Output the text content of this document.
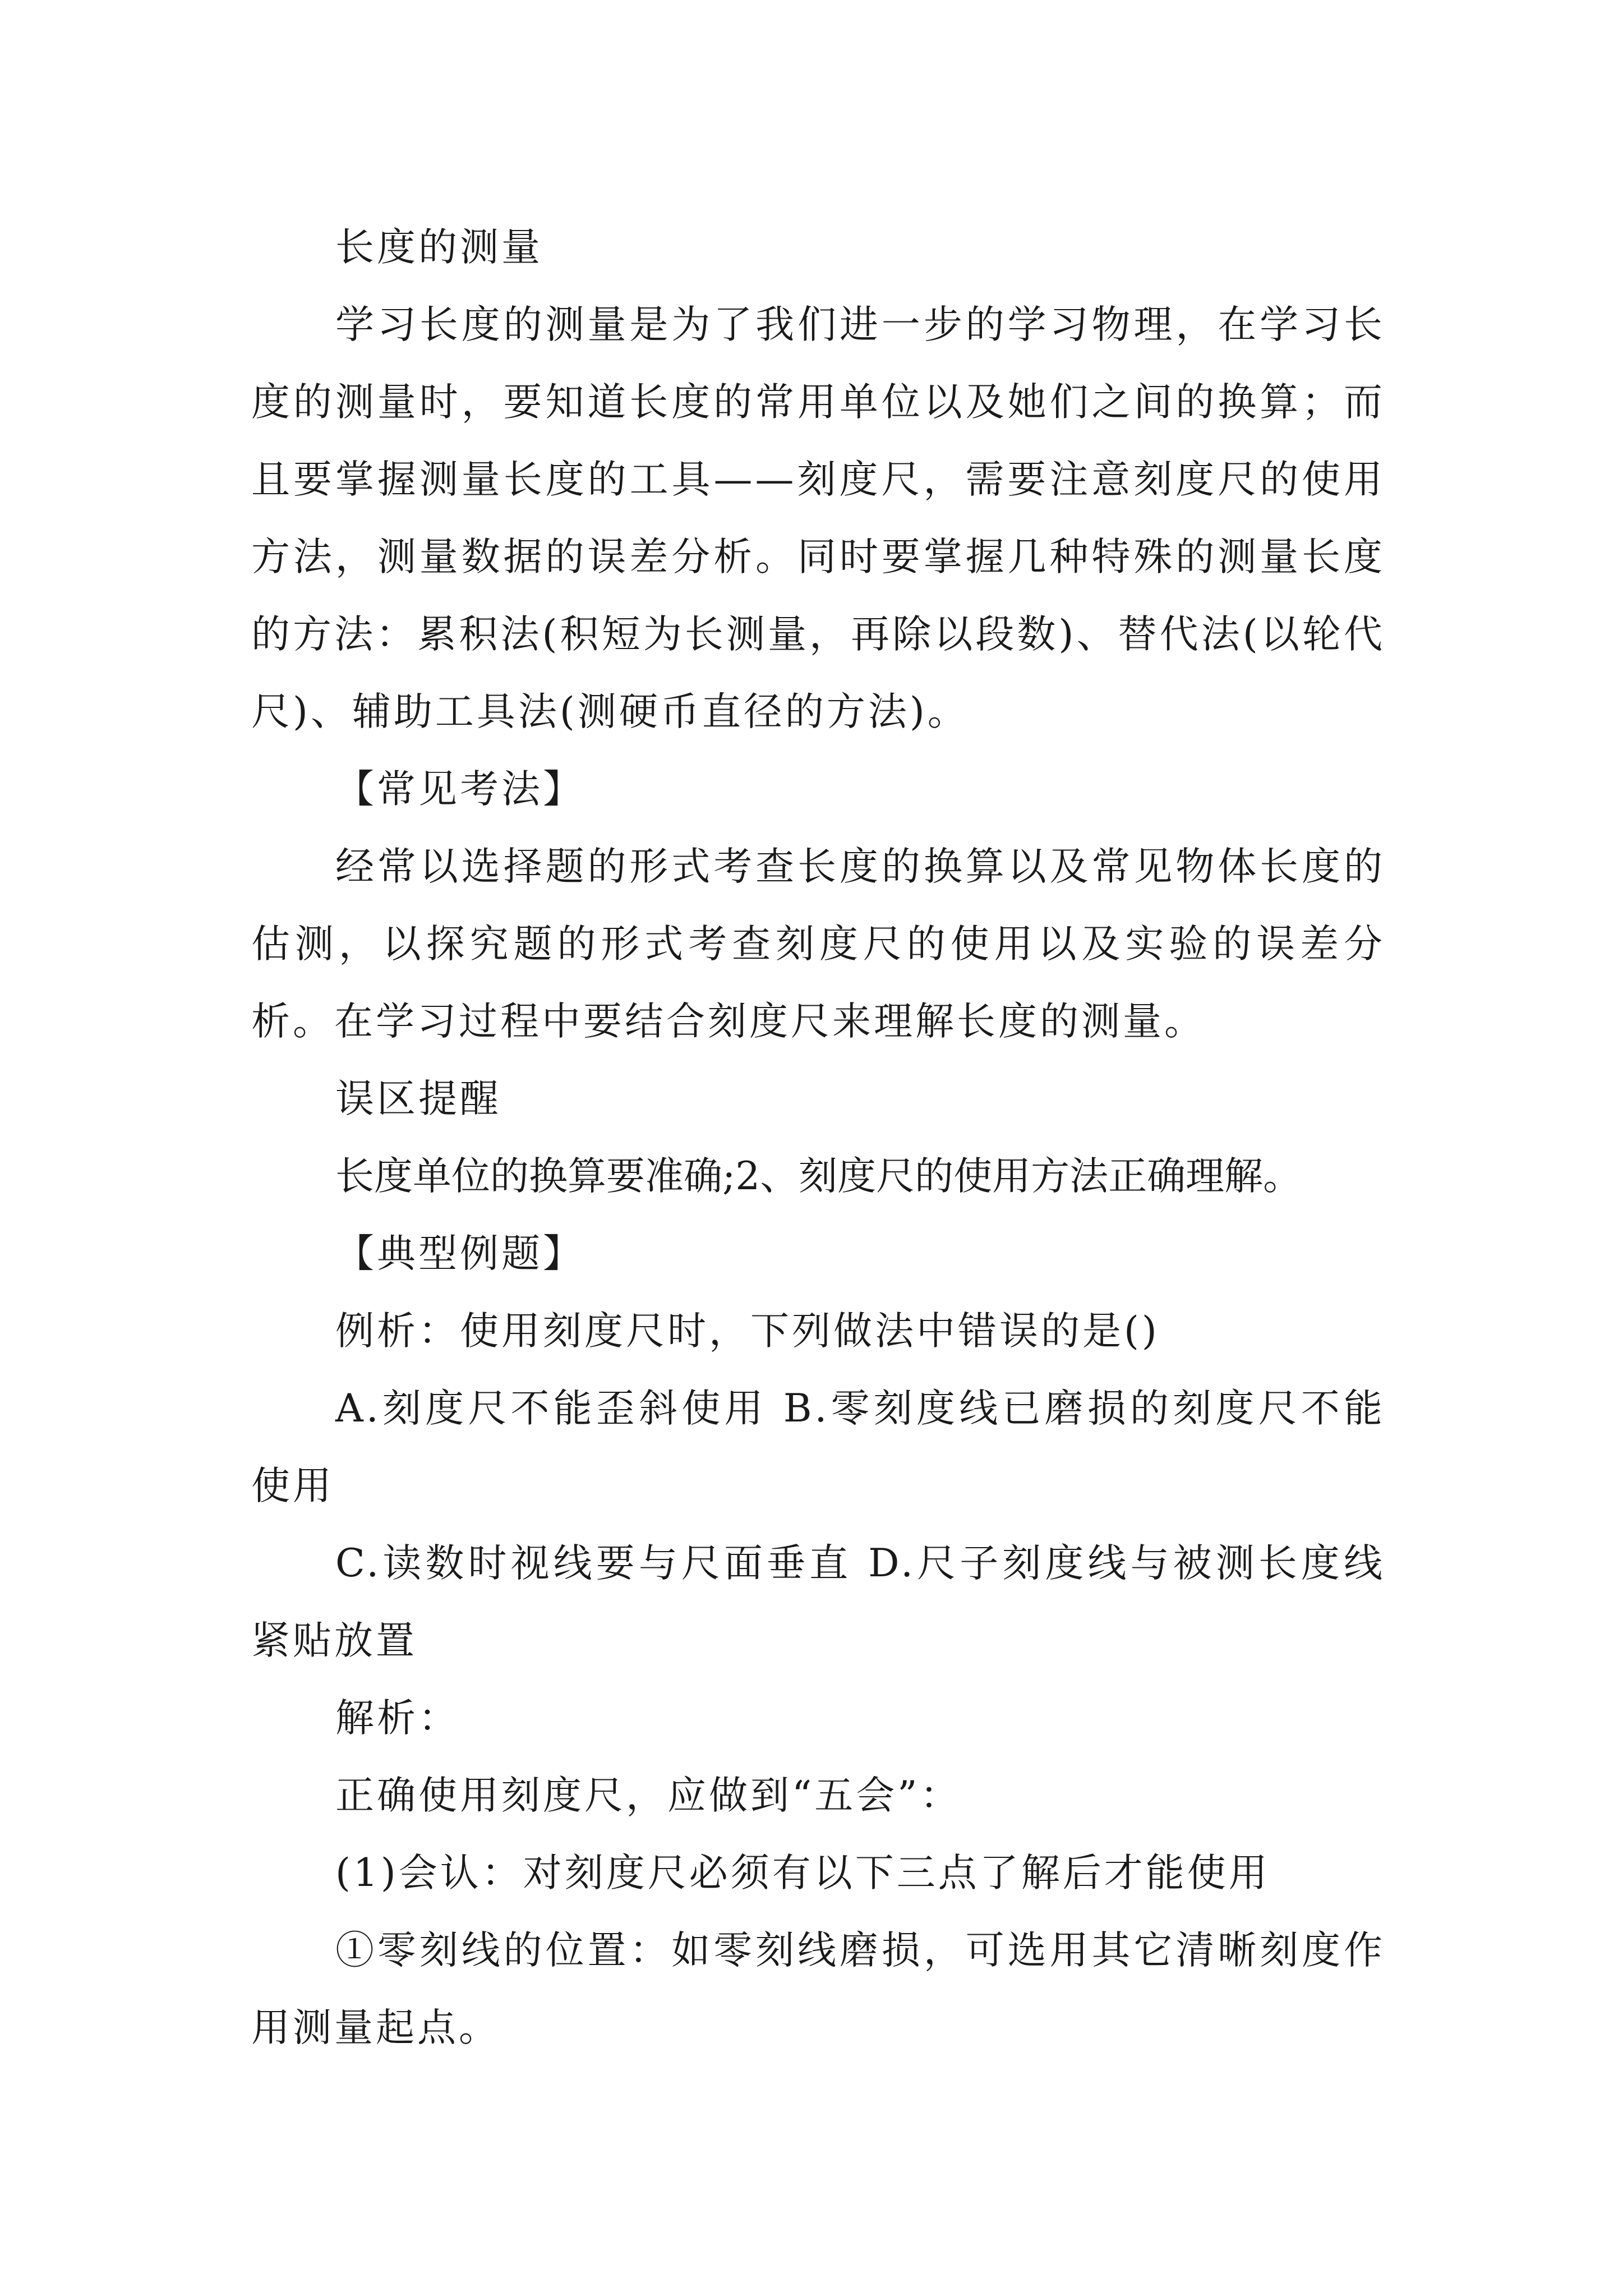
长度的测量

学习长度的测量是为了我们进一步的学习物理，在学习长度的测量时，要知道长度的常用单位以及她们之间的换算；而且要掌握测量长度的工具——刻度尺，需要注意刻度尺的使用方法，测量数据的误差分析。同时要掌握几种特殊的测量长度的方法：累积法(积短为长测量，再除以段数)、替代法(以轮代尺)、辅助工具法(测硬币直径的方法)。

【常见考法】

经常以选择题的形式考查长度的换算以及常见物体长度的估测，以探究题的形式考查刻度尺的使用以及实验的误差分析。在学习过程中要结合刻度尺来理解长度的测量。

误区提醒

长度单位的换算要准确;2、刻度尺的使用方法正确理解。

【典型例题】

例析：使用刻度尺时，下列做法中错误的是()

A.刻度尺不能歪斜使用 B.零刻度线已磨损的刻度尺不能使用

C.读数时视线要与尺面垂直 D.尺子刻度线与被测长度线紧贴放置

解析：

正确使用刻度尺，应做到“五会”：

(1)会认：对刻度尺必须有以下三点了解后才能使用

①零刻线的位置：如零刻线磨损，可选用其它清晰刻度作用测量起点。
